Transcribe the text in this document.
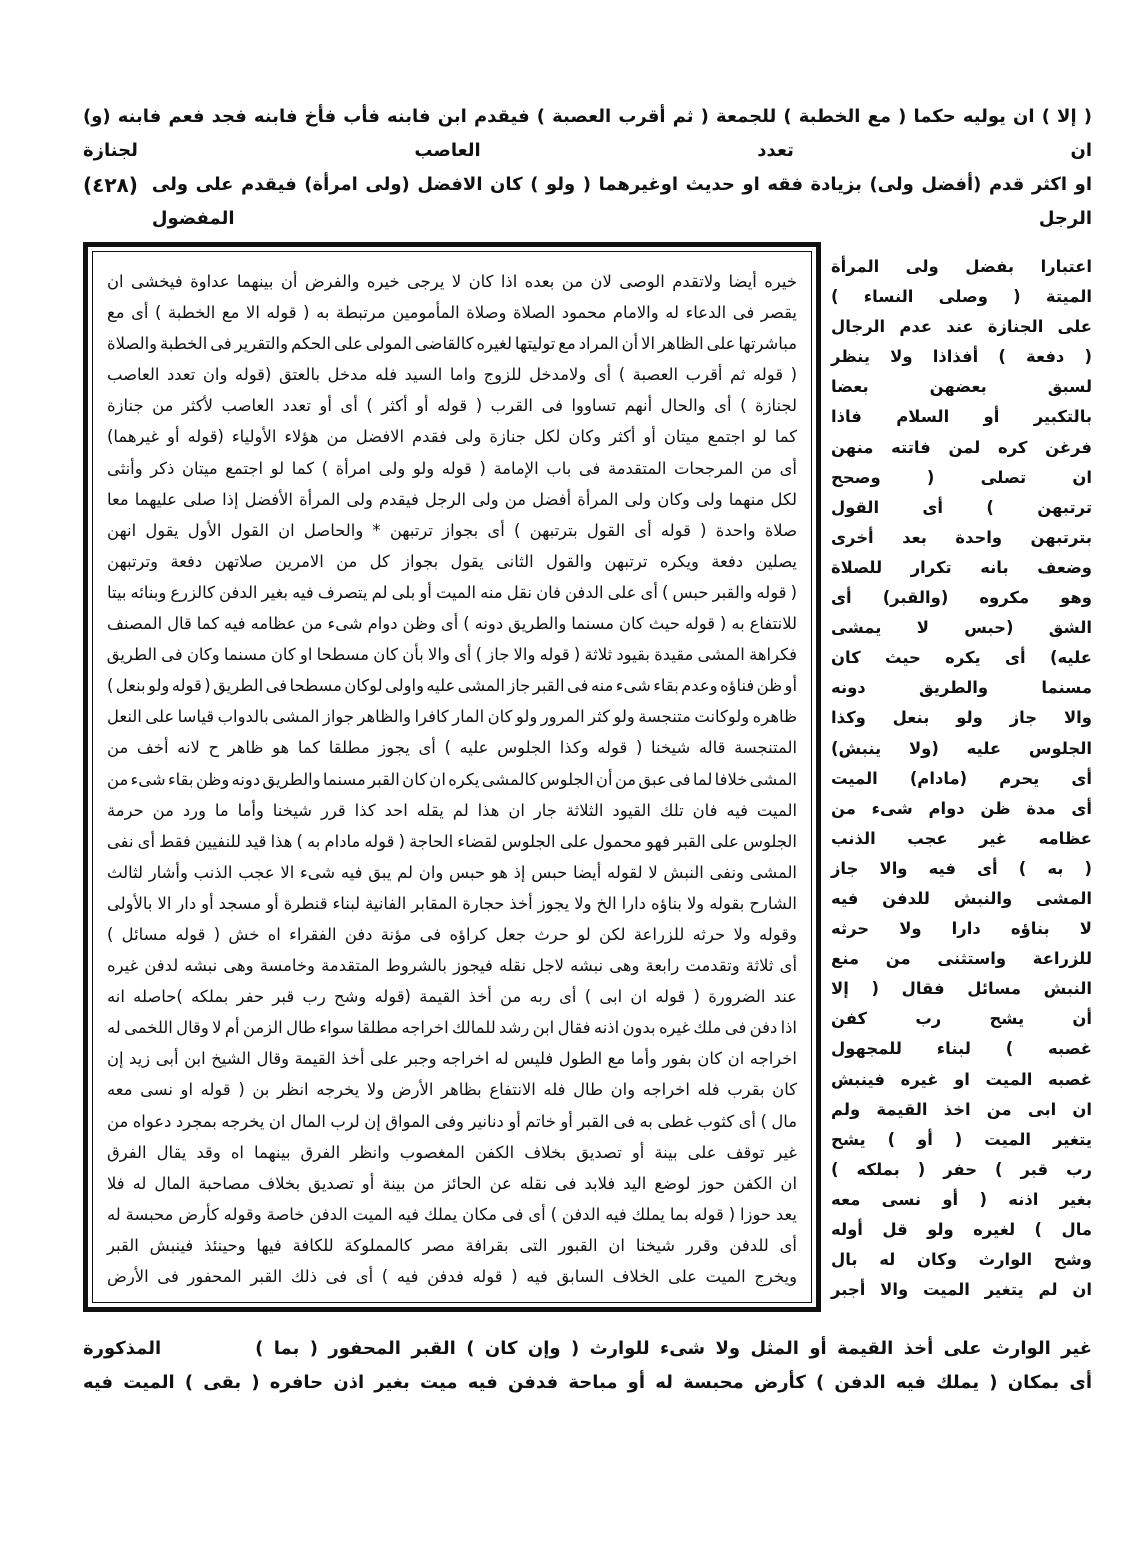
( إلا ) ان يوليه حكما ( مع الخطبة ) للجمعة ( ثم أقرب العصبة ) فيقدم ابن فابنه فأب فأخ فابنه فجد فعم فابنه (و) ان تعدد العاصب لجنازة
(٤٢٨) او اكثر قدم (أفضل ولى) بزيادة فقه او حديث اوغيرهما ( ولو ) كان الافضل (ولى امرأة) فيقدم على ولى الرجل المفضول
خيره أيضا ولاتقدم الوصى لان من بعده اذا كان لا يرجى خيره والفرض أن بينهما عداوة فيخشى ان
يقصر فى الدعاء له والامام محمود الصلاة وصلاة المأمومين مرتبطة به ( قوله الا مع الخطبة ) أى مع
مباشرتها على الظاهر الا أن المراد مع توليتها لغيره كالقاضى المولى على الحكم والتقرير فى الخطبة والصلاة
( قوله ثم أقرب العصبة ) أى ولامدخل للزوج واما السيد فله مدخل بالعتق (قوله وان تعدد العاصب
لجنازة ) أى والحال أنهم تساووا فى القرب ( قوله أو أكثر ) أى أو تعدد العاصب لأكثر من جنازة
كما لو اجتمع ميتان أو أكثر وكان لكل جنازة ولى فقدم الافضل من هؤلاء الأولياء (قوله أو غيرهما)
أى من المرجحات المتقدمة فى باب الإمامة ( قوله ولو ولى امرأة ) كما لو اجتمع ميتان ذكر وأنثى
لكل منهما ولى وكان ولى المرأة أفضل من ولى الرجل فيقدم ولى المرأة الأفضل إذا صلى عليهما معا
صلاة واحدة ( قوله أى القول بترتبهن ) أى بجواز ترتبهن * والحاصل ان القول الأول يقول انهن
يصلين دفعة ويكره ترتبهن والقول الثانى يقول بجواز كل من الامرين صلاتهن دفعة وترتبهن
( قوله والقبر حبس ) أى على الدفن فان نقل منه الميت أو بلى لم يتصرف فيه بغير الدفن كالزرع وبنائه بيتا
للانتفاع به ( قوله حيث كان مسنما والطريق دونه ) أى وظن دوام شىء من عظامه فيه كما قال المصنف
فكراهة المشى مقيدة بقيود ثلاثة ( قوله والا جاز ) أى والا بأن كان مسطحا او كان مسنما وكان فى الطريق
أو ظن فناؤه وعدم بقاء شىء منه فى القبر جاز المشى عليه واولى لوكان مسطحا فى الطريق ( قوله ولو بنعل )
ظاهره ولوكانت متنجسة ولو كثر المرور ولو كان المار كافرا والظاهر جواز المشى بالدواب قياسا على النعل
المتنجسة قاله شيخنا ( قوله وكذا الجلوس عليه ) أى يجوز مطلقا كما هو ظاهر ح لانه أخف من
المشى خلافا لما فى عبق من أن الجلوس كالمشى يكره ان كان القبر مسنما والطريق دونه وظن بقاء شىء من
الميت فيه فان تلك القيود الثلاثة جار ان هذا لم يقله احد كذا قرر شيخنا وأما ما ورد من حرمة
الجلوس على القبر فهو محمول على الجلوس لقضاء الحاجة ( قوله مادام به ) هذا قيد للنفيين فقط أى نفى
المشى ونفى النبش لا لقوله أيضا حبس إذ هو حبس وان لم يبق فيه شىء الا عجب الذنب وأشار لثالث
الشارح بقوله ولا بناؤه دارا الخ ولا يجوز أخذ حجارة المقابر الفانية لبناء قنطرة أو مسجد أو دار الا بالأولى
وقوله ولا حرثه للزراعة لكن لو حرث جعل كراؤه فى مؤنة دفن الفقراء اه خش ( قوله مسائل )
أى ثلاثة وتقدمت رابعة وهى نبشه لاجل نقله فيجوز بالشروط المتقدمة وخامسة وهى نبشه لدفن غيره
عند الضرورة ( قوله ان ابى ) أى ربه من أخذ القيمة (قوله وشح رب قبر حفر بملكه )حاصله انه
اذا دفن فى ملك غيره بدون اذنه فقال ابن رشد للمالك اخراجه مطلقا سواء طال الزمن أم لا وقال اللخمى له
اخراجه ان كان بفور وأما مع الطول فليس له اخراجه وجبر على أخذ القيمة وقال الشيخ ابن أبى زيد إن
كان بقرب فله اخراجه وان طال فله الانتفاع بظاهر الأرض ولا يخرجه انظر بن ( قوله او نسى معه
مال ) أى كثوب غطى به فى القبر أو خاتم أو دنانير وفى المواق إن لرب المال ان يخرجه بمجرد دعواه من
غير توقف على بينة أو تصديق بخلاف الكفن المغصوب وانظر الفرق بينهما اه وقد يقال الفرق
ان الكفن حوز لوضع اليد فلابد فى نقله عن الحائز من بينة أو تصديق بخلاف مصاحبة المال له فلا
يعد حوزا ( قوله بما يملك فيه الدفن ) أى فى مكان يملك فيه الميت الدفن خاصة وقوله كأرض محبسة له
أى للدفن وقرر شيخنا ان القبور التى بقرافة مصر كالمملوكة للكافة فيها وحينئذ فينبش القبر
ويخرج الميت على الخلاف السابق فيه ( قوله فدفن فيه ) أى فى ذلك القبر المحفور فى الأرض
اعتبارا بفضل ولى المرأة
الميتة ( وصلى النساء )
على الجنازة عند عدم الرجال
( دفعة ) أفذاذا ولا ينظر
لسبق بعضهن بعضا
بالتكبير أو السلام فاذا
فرغن كره لمن فاتته منهن
ان تصلى ( وصحح
ترتبهن ) أى القول
بترتبهن واحدة بعد أخرى
وضعف بانه تكرار للصلاة
وهو مكروه (والقبر) أى
الشق (حبس لا يمشى
عليه) أى يكره حيث كان
مسنما والطريق دونه
والا جاز ولو بنعل وكذا
الجلوس عليه (ولا ينبش)
أى يحرم (مادام) الميت
أى مدة ظن دوام شىء من
عظامه غير عجب الذنب
( به ) أى فيه والا جاز
المشى والنبش للدفن فيه
لا بناؤه دارا ولا حرثه
للزراعة واستثنى من منع
النبش مسائل فقال ( إلا
أن يشح رب كفن
غصبه ) لبناء للمجهول
غصبه الميت او غيره فينبش
ان ابى من اخذ القيمة ولم
يتغير الميت ( أو ) يشح
رب قبر ) حفر ( بملكه )
بغير اذنه ( أو نسى معه
مال ) لغيره ولو قل أوله
وشح الوارث وكان له بال
ان لم يتغير الميت والا أجبر
المذكورة	غير الوارث على أخذ القيمة أو المثل ولا شىء للوارث ( وإن كان ) القبر المحفور ( بما )
أى بمكان ( يملك فيه الدفن ) كأرض محبسة له أو مباحة فدفن فيه ميت بغير اذن حافره ( بقى ) الميت فيه
